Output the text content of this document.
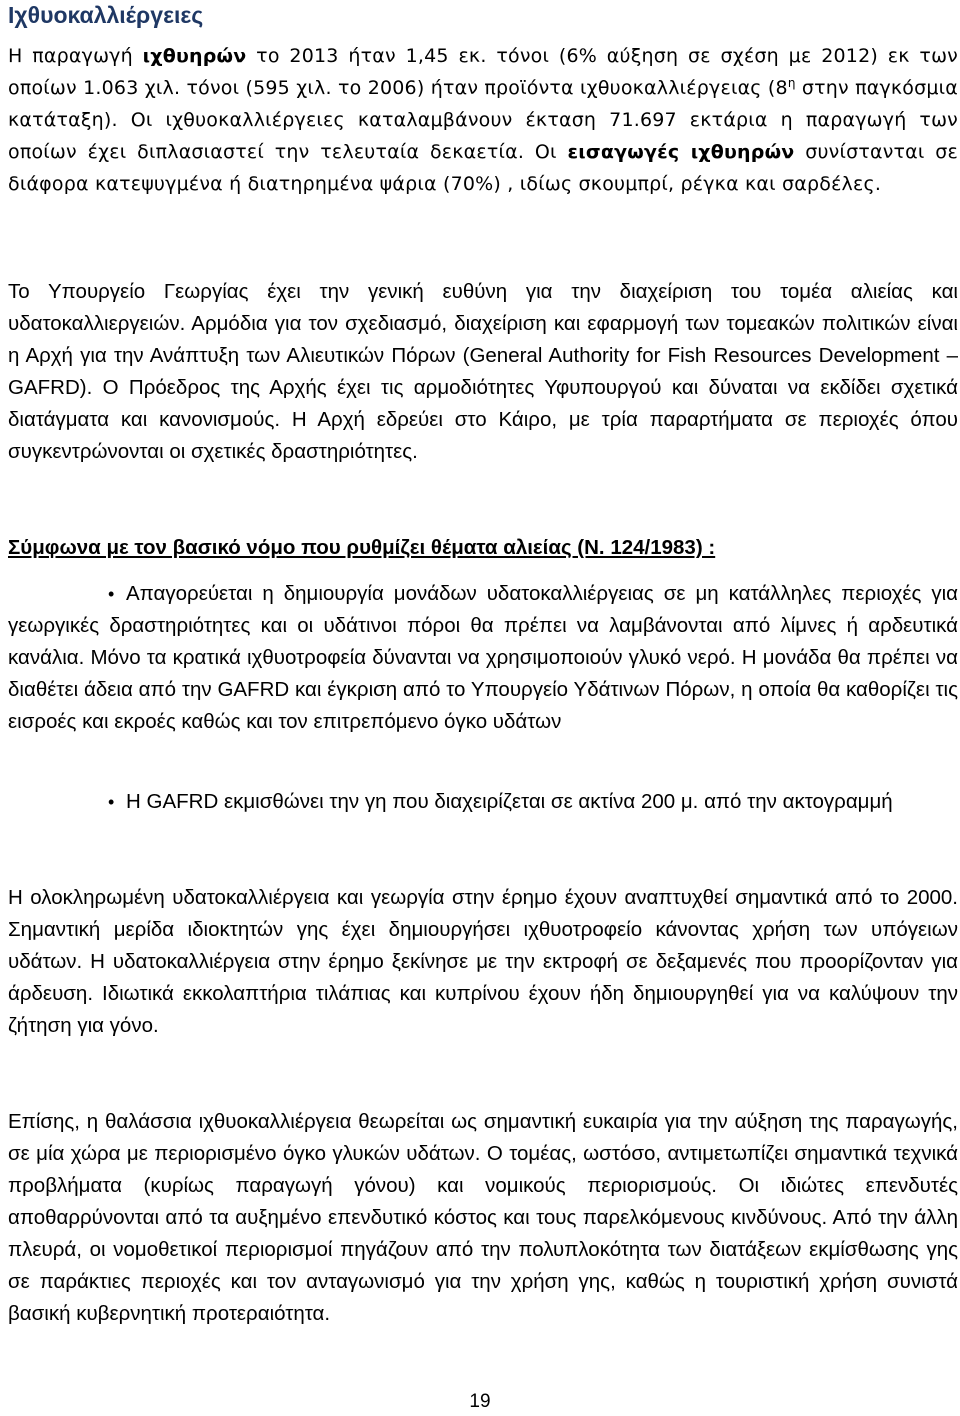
Ιχθυοκαλλιέργειες

Η παραγωγή ιχθυηρών το 2013 ήταν 1,45 εκ. τόνοι (6% αύξηση σε σχέση με 2012) εκ των οποίων 1.063 χιλ. τόνοι (595 χιλ. το 2006) ήταν προϊόντα ιχθυοκαλλιέργειας ($8^\eta$ στην παγκόσμια κατάταξη). Οι ιχθυοκαλλιέργειες καταλαμβάνουν έκταση 71.697 εκτάρια η παραγωγή των οποίων έχει διπλασιαστεί την τελευταία δεκαετία. Οι εισαγωγές ιχθυηρών συνίστανται σε διάφορα κατεψυγμένα ή διατηρημένα ψάρια (70%) , ιδίως σκουμπρί, ρέγκα και σαρδέλες.

Το Υπουργείο Γεωργίας έχει την γενική ευθύνη για την διαχείριση του τομέα αλιείας και υδατοκαλλιεργειών. Αρμόδια για τον σχεδιασμό, διαχείριση και εφαρμογή των τομεακών πολιτικών είναι η Αρχή για την Ανάπτυξη των Αλιευτικών Πόρων (General Authority for Fish Resources Development – GAFRD). Ο Πρόεδρος της Αρχής έχει τις αρμοδιότητες Υφυπουργού και δύναται να εκδίδει σχετικά διατάγματα και κανονισμούς. Η Αρχή εδρεύει στο Κάιρο, με τρία παραρτήματα σε περιοχές όπου συγκεντρώνονται οι σχετικές δραστηριότητες.

Σύμφωνα με τον βασικό νόμο που ρυθμίζει θέματα αλιείας (Ν. 124/1983) :

• Απαγορεύεται η δημιουργία μονάδων υδατοκαλλιέργειας σε μη κατάλληλες περιοχές για γεωργικές δραστηριότητες και οι υδάτινοι πόροι θα πρέπει να λαμβάνονται από λίμνες ή αρδευτικά κανάλια. Μόνο τα κρατικά ιχθυοτροφεία δύνανται να χρησιμοποιούν γλυκό νερό. Η μονάδα θα πρέπει να διαθέτει άδεια από την GAFRD και έγκριση από το Υπουργείο Υδάτινων Πόρων, η οποία θα καθορίζει τις εισροές και εκροές καθώς και τον επιτρεπόμενο όγκο υδάτων

• Η GAFRD εκμισθώνει την γη που διαχειρίζεται σε ακτίνα 200 μ. από την ακτογραμμή

Η ολοκληρωμένη υδατοκαλλιέργεια και γεωργία στην έρημο έχουν αναπτυχθεί σημαντικά από το 2000. Σημαντική μερίδα ιδιοκτητών γης έχει δημιουργήσει ιχθυοτροφείο κάνοντας χρήση των υπόγειων υδάτων. Η υδατοκαλλιέργεια στην έρημο ξεκίνησε με την εκτροφή σε δεξαμενές που προορίζονταν για άρδευση. Ιδιωτικά εκκολαπτήρια τιλάπιας και κυπρίνου έχουν ήδη δημιουργηθεί για να καλύψουν την ζήτηση για γόνο.

Επίσης, η θαλάσσια ιχθυοκαλλιέργεια θεωρείται ως σημαντική ευκαιρία για την αύξηση της παραγωγής, σε μία χώρα με περιορισμένο όγκο γλυκών υδάτων. Ο τομέας, ωστόσο, αντιμετωπίζει σημαντικά τεχνικά προβλήματα (κυρίως παραγωγή γόνου) και νομικούς περιορισμούς. Οι ιδιώτες επενδυτές αποθαρρύνονται από τα αυξημένο επενδυτικό κόστος και τους παρελκόμενους κινδύνους. Από την άλλη πλευρά, οι νομοθετικοί περιορισμοί πηγάζουν από την πολυπλοκότητα των διατάξεων εκμίσθωσης γης σε παράκτιες περιοχές και τον ανταγωνισμό για την χρήση γης, καθώς η τουριστική χρήση συνιστά βασική κυβερνητική προτεραιότητα.

19
